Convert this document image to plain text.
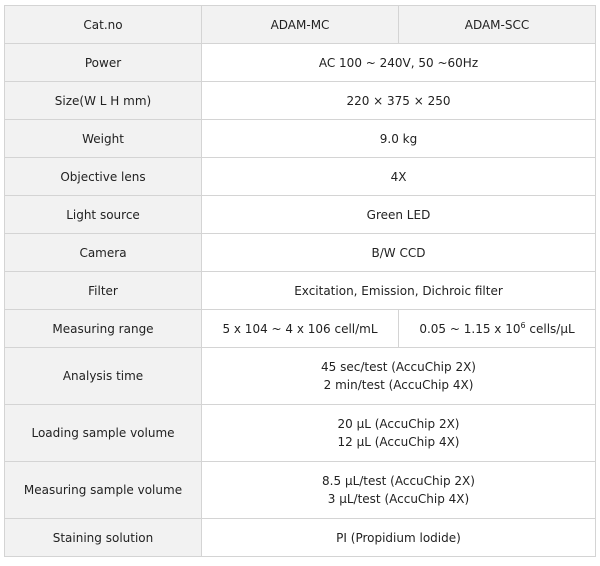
Cat.no	ADAM-MC	ADAM-SCC
Power	AC 100 ~ 240V, 50 ~60Hz	
Size(W L H mm)	220 × 375 × 250	
Weight	9.0 kg	
Objective lens	4X	
Light source	Green LED	
Camera	B/W CCD	
Filter	Excitation, Emission, Dichroic filter	
Measuring range	5 x 104 ~ 4 x 106 cell/mL	0.05 ~ 1.15 x $10^6$ cells/μL
Analysis time	45 sec/test (AccuChip 2X)
2 min/test (AccuChip 4X)	

Loading sample volume	20 μL (AccuChip 2X)
12 μL (AccuChip 4X)	

Measuring sample volume	8.5 μL/test (AccuChip 2X)
3 μL/test (AccuChip 4X)	

Staining solution	PI (Propidium lodide)	
